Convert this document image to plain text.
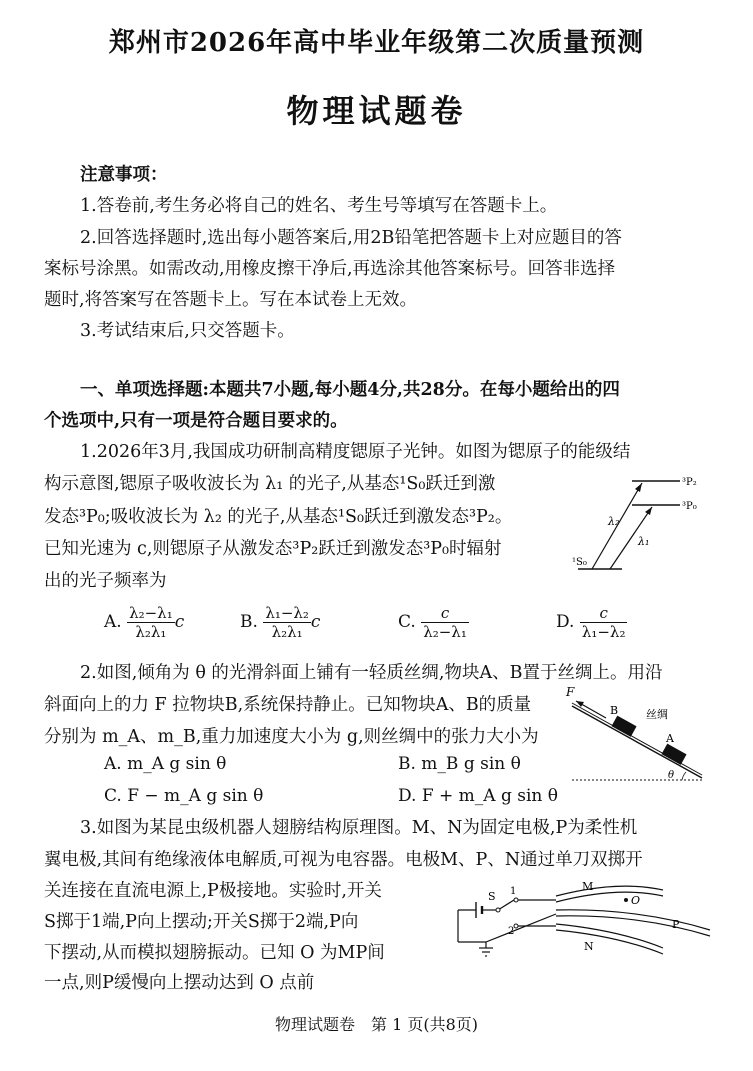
郑州市2026年高中毕业年级第二次质量预测
物理试题卷
注意事项：
1.答卷前,考生务必将自己的姓名、考生号等填写在答题卡上。
2.回答选择题时,选出每小题答案后,用2B铅笔把答题卡上对应题目的答
案标号涂黑。如需改动,用橡皮擦干净后,再选涂其他答案标号。回答非选择
题时,将答案写在答题卡上。写在本试卷上无效。
3.考试结束后,只交答题卡。
一、单项选择题:本题共7小题,每小题4分,共28分。在每小题给出的四
个选项中,只有一项是符合题目要求的。
1.2026年3月,我国成功研制高精度锶原子光钟。如图为锶原子的能级结
构示意图,锶原子吸收波长为 λ₁ 的光子,从基态¹S₀跃迁到激
发态³P₀;吸收波长为 λ₂ 的光子,从基态¹S₀跃迁到激发态³P₂。
已知光速为 c,则锶原子从激发态³P₂跃迁到激发态³P₀时辐射
出的光子频率为
³P₂
³P₀
¹S₀
λ₂
λ₁
A. $\frac{\text{λ₂−λ₁}}{\text{λ₂λ₁}}$ c	B. $\frac{\text{λ₁−λ₂}}{\text{λ₂λ₁}}$ c	C. $\frac{c}{\text{λ₂−λ₁}}$	D. $\frac{c}{\text{λ₁−λ₂}}$
2.如图,倾角为 θ 的光滑斜面上铺有一轻质丝绸,物块A、B置于丝绸上。用沿
斜面向上的力 F 拉物块B,系统保持静止。已知物块A、B的质量
分别为 m_A、m_B,重力加速度大小为 g,则丝绸中的张力大小为
F
B
A
丝绸
θ
A. m_A g sin θ	B. m_B g sin θ
C. F − m_A g sin θ	D. F + m_A g sin θ
3.如图为某昆虫级机器人翅膀结构原理图。M、N为固定电极,P为柔性机
翼电极,其间有绝缘液体电解质,可视为电容器。电极M、P、N通过单刀双掷开
关连接在直流电源上,P极接地。实验时,开关
S掷于1端,P向上摆动;开关S掷于2端,P向
下摆动,从而模拟翅膀振动。已知 O 为MP间
一点,则P缓慢向上摆动达到 O 点前
M
O
P
N
S 1
2
物理试题卷　第 1 页(共8页)
